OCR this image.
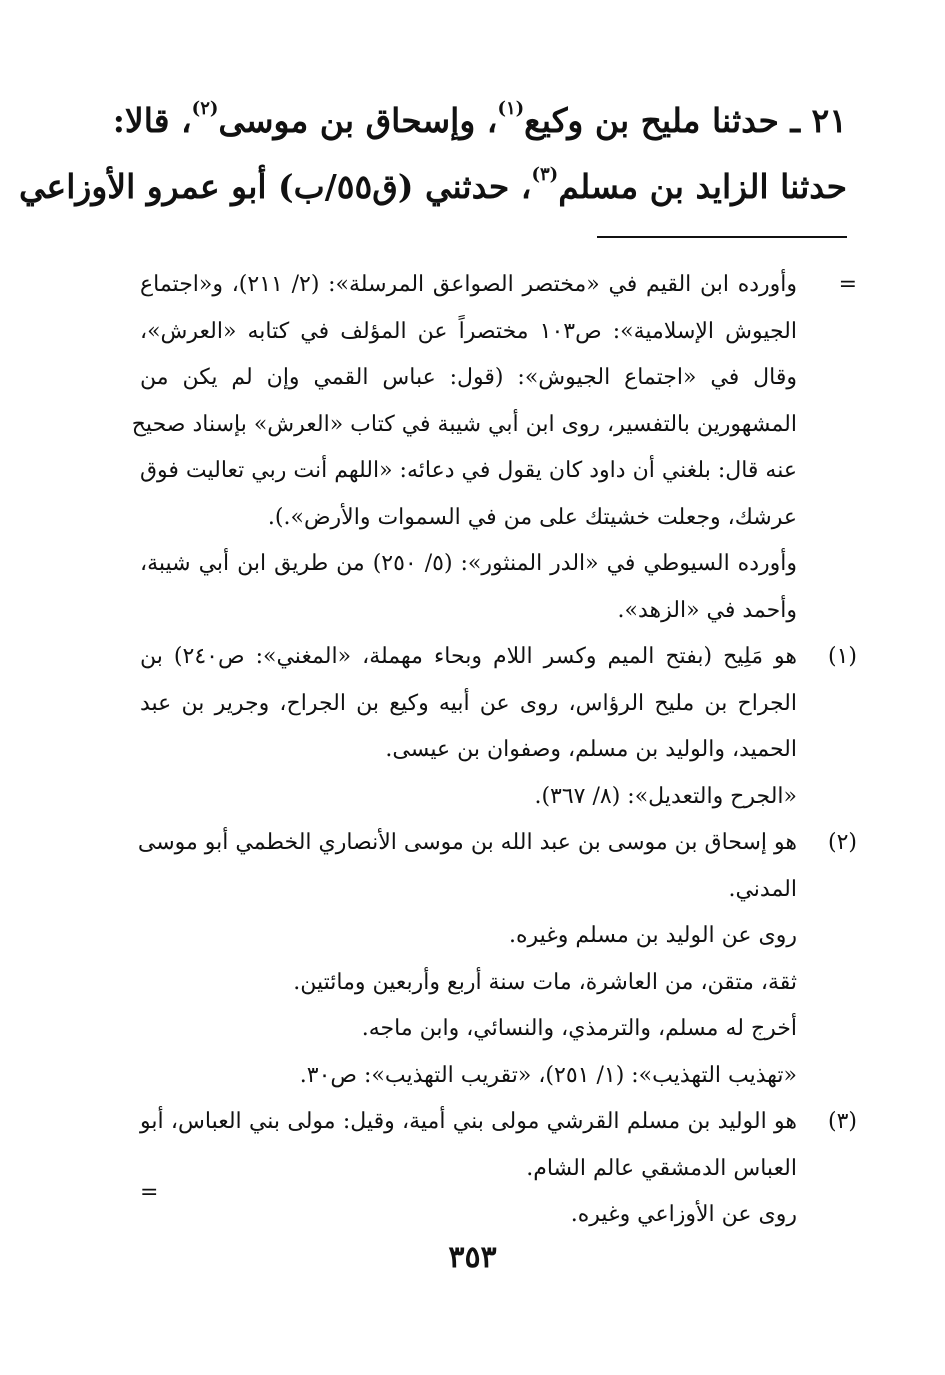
٢١ ـ حدثنا مليح بن وكيع$^{(١)}$، وإسحاق بن موسى$^{(٢)}$، قالا:
حدثنا الزايد بن مسلم$^{(٣)}$، حدثني (ق٥٥/ب) أبو عمرو الأوزاعي
=
وأورده ابن القيم في «مختصر الصواعق المرسلة»: (٢/ ٢١١)، و«اجتماع
الجيوش الإسلامية»: ص١٠٣ مختصراً عن المؤلف في كتابه «العرش»،
وقال في «اجتماع الجيوش»: (قول: عباس القمي وإن لم يكن من
المشهورين بالتفسير، روى ابن أبي شيبة في كتاب «العرش» بإسناد صحيح
عنه قال: بلغني أن داود كان يقول في دعائه: «اللهم أنت ربي تعاليت فوق
عرشك، وجعلت خشيتك على من في السموات والأرض».).
وأورده السيوطي في «الدر المنثور»: (٥/ ٢٥٠) من طريق ابن أبي شيبة،
وأحمد في «الزهد».
(١)
هو مَلِيح (بفتح الميم وكسر اللام وبحاء مهملة، «المغني»: ص٢٤٠) بن
الجراح بن مليح الرؤاس، روى عن أبيه وكيع بن الجراح، وجرير بن عبد
الحميد، والوليد بن مسلم، وصفوان بن عيسى.
«الجرح والتعديل»: (٨/ ٣٦٧).
(٢)
هو إسحاق بن موسى بن عبد الله بن موسى الأنصاري الخطمي أبو موسى
المدني.
روى عن الوليد بن مسلم وغيره.
ثقة، متقن، من العاشرة، مات سنة أربع وأربعين ومائتين.
أخرج له مسلم، والترمذي، والنسائي، وابن ماجه.
«تهذيب التهذيب»: (١/ ٢٥١)، «تقريب التهذيب»: ص٣٠.
(٣)
هو الوليد بن مسلم القرشي مولى بني أمية، وقيل: مولى بني العباس، أبو
العباس الدمشقي عالم الشام.
روى عن الأوزاعي وغيره.
=
٣٥٣
